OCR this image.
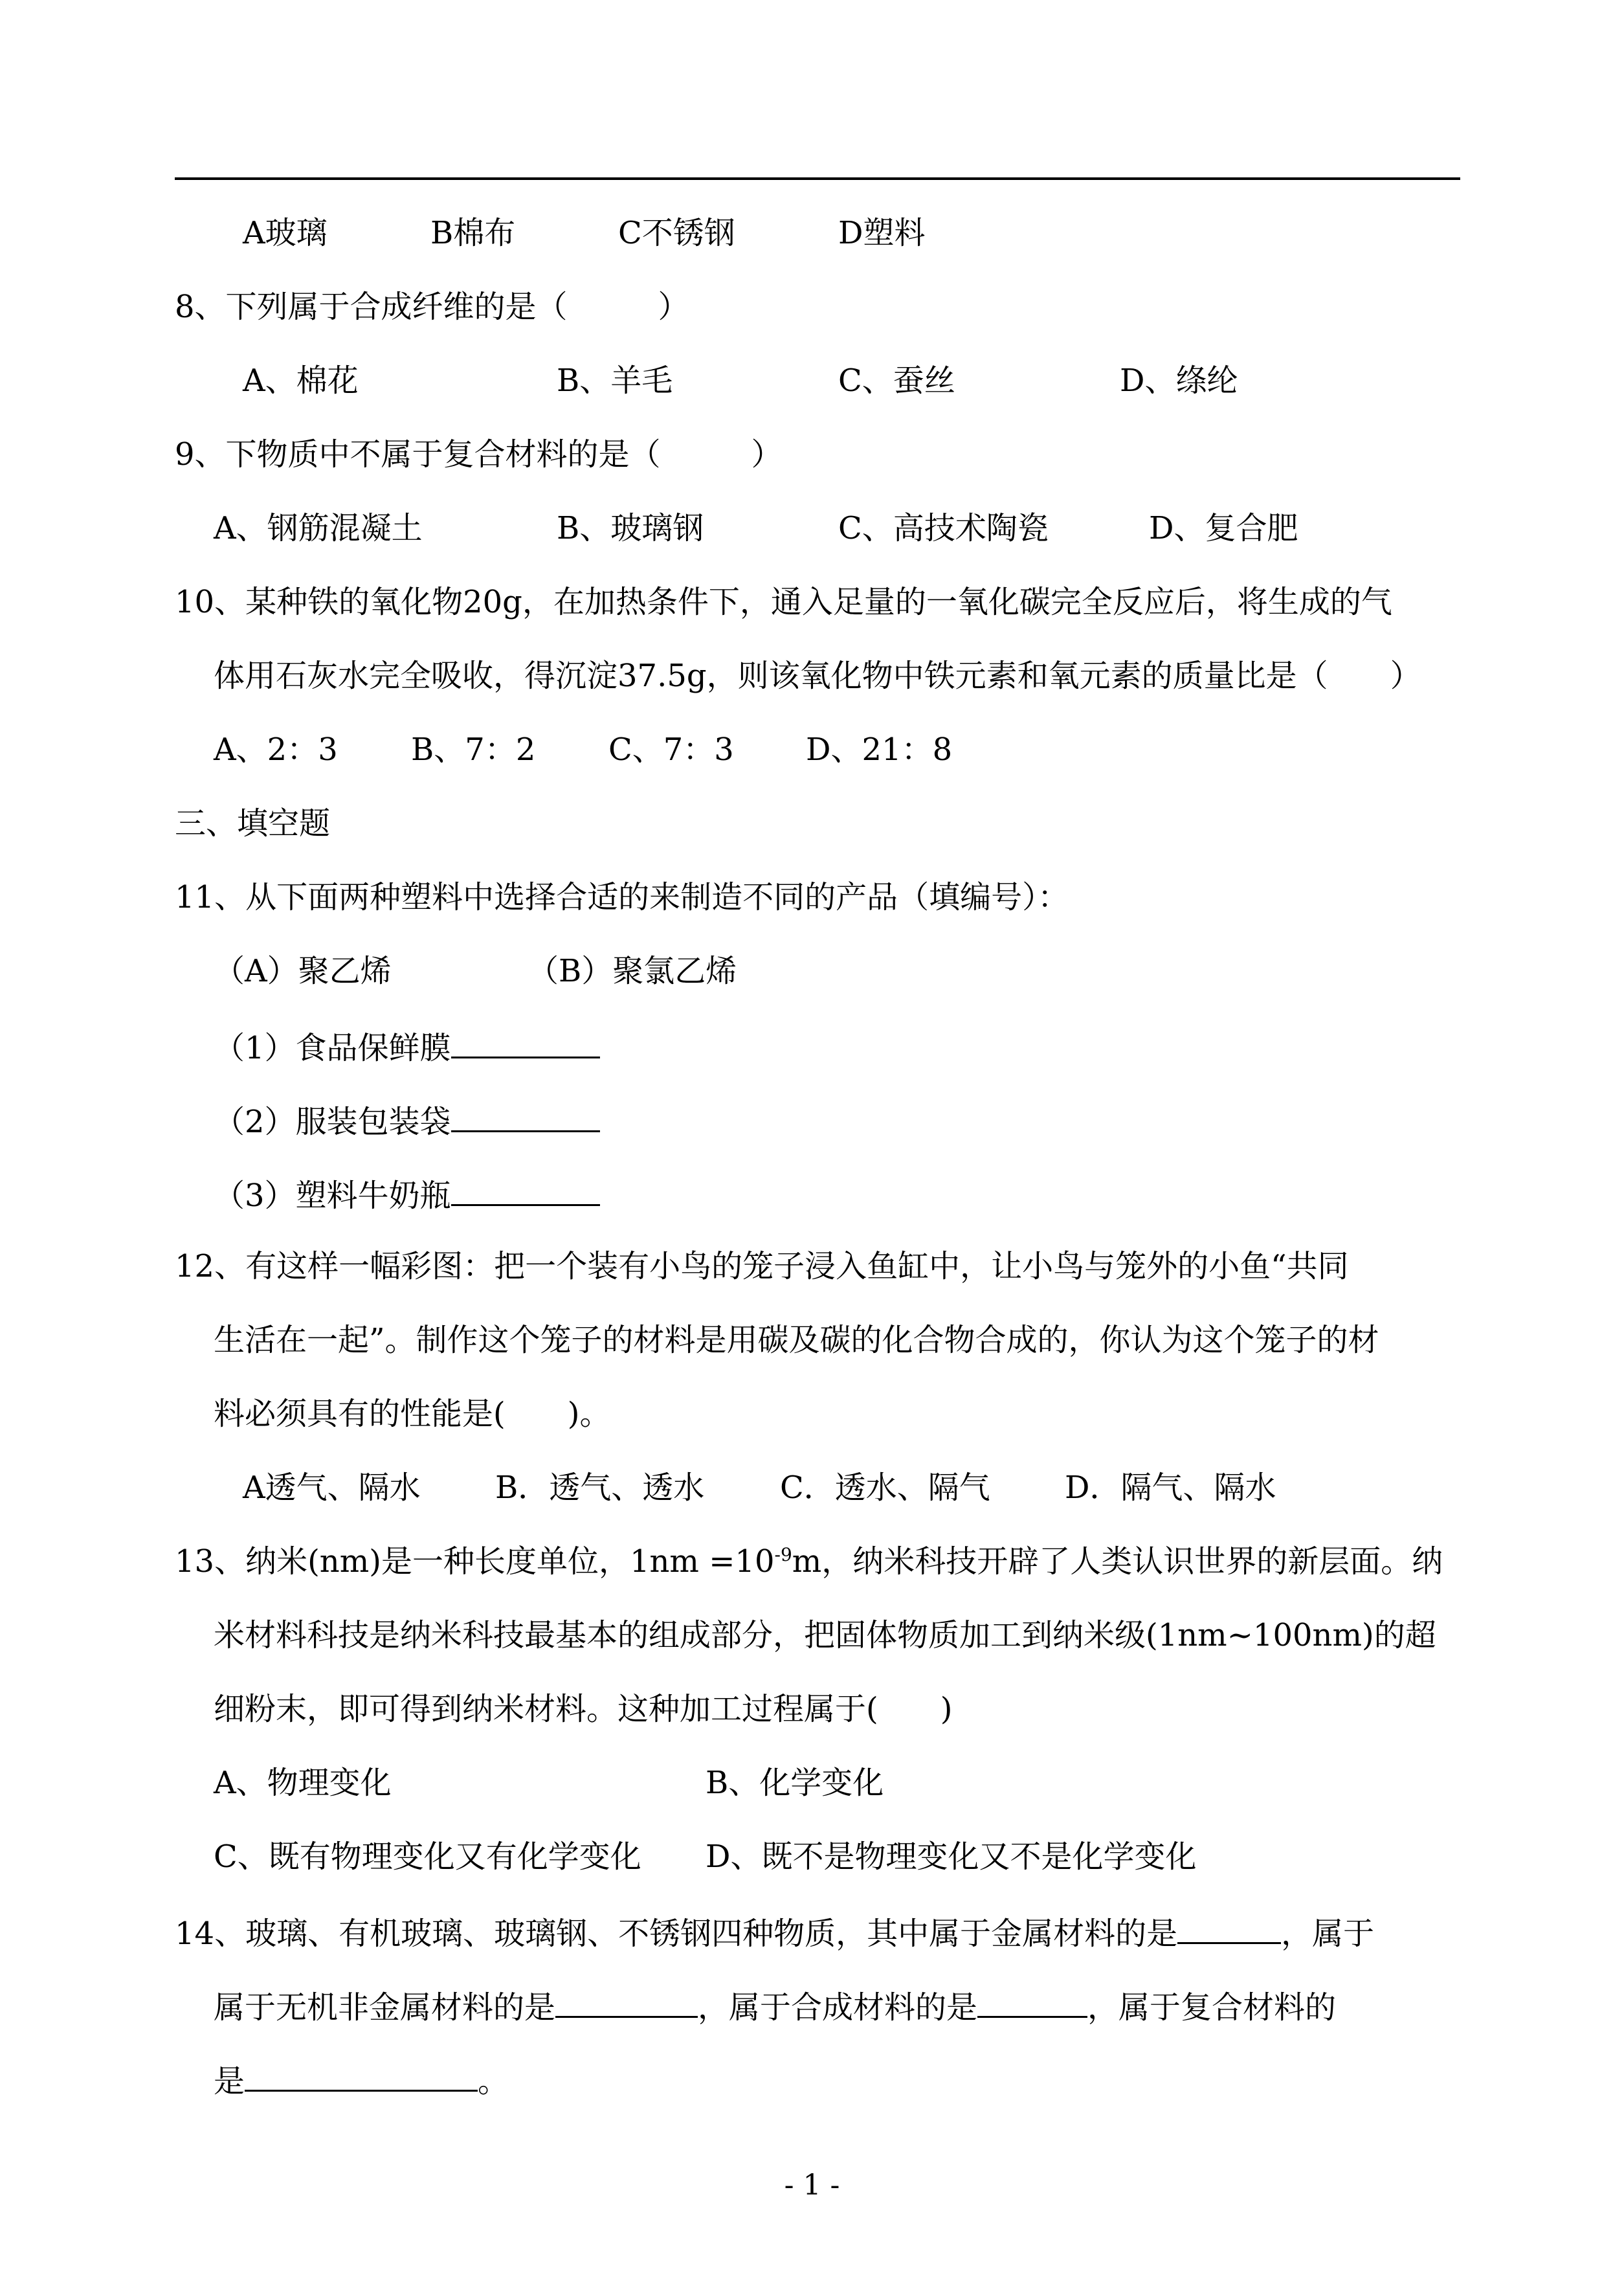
A玻璃	B棉布	C不锈钢	D塑料
8、下列属于合成纤维的是（	）
A、棉花	B、羊毛	C、蚕丝	D、绦纶
9、下物质中不属于复合材料的是（	）
A、钢筋混凝土	B、玻璃钢	C、高技术陶瓷	D、复合肥
10、某种铁的氧化物20g，在加热条件下，通入足量的一氧化碳完全反应后，将生成的气
体用石灰水完全吸收，得沉淀37.5g，则该氧化物中铁元素和氧元素的质量比是（　　）
A、2：3 B、7：2 C、7：3 D、21：8
三、填空题
11、从下面两种塑料中选择合适的来制造不同的产品（填编号）：
（A）聚乙烯	（B）聚氯乙烯
（1）食品保鲜膜
（2）服装包装袋
（3）塑料牛奶瓶
12、有这样一幅彩图：把一个装有小鸟的笼子浸入鱼缸中，让小鸟与笼外的小鱼“共同
生活在一起”。制作这个笼子的材料是用碳及碳的化合物合成的，你认为这个笼子的材
料必须具有的性能是(　　)。
A透气、隔水 B．透气、透水 C．透水、隔气 D．隔气、隔水
13、纳米(nm)是一种长度单位，$1nm =10^{-9}m$，纳米科技开辟了人类认识世界的新层面。纳
米材料科技是纳米科技最基本的组成部分，把固体物质加工到纳米级(1nm~100nm)的超
细粉末，即可得到纳米材料。这种加工过程属于(　　)
A、物理变化	B、化学变化
C、既有物理变化又有化学变化 D、既不是物理变化又不是化学变化
14、玻璃、有机玻璃、玻璃钢、不锈钢四种物质，其中属于金属材料的是	，属于
属于无机非金属材料的是	，属于合成材料的是	，属于复合材料的
是	。
- 1 -
